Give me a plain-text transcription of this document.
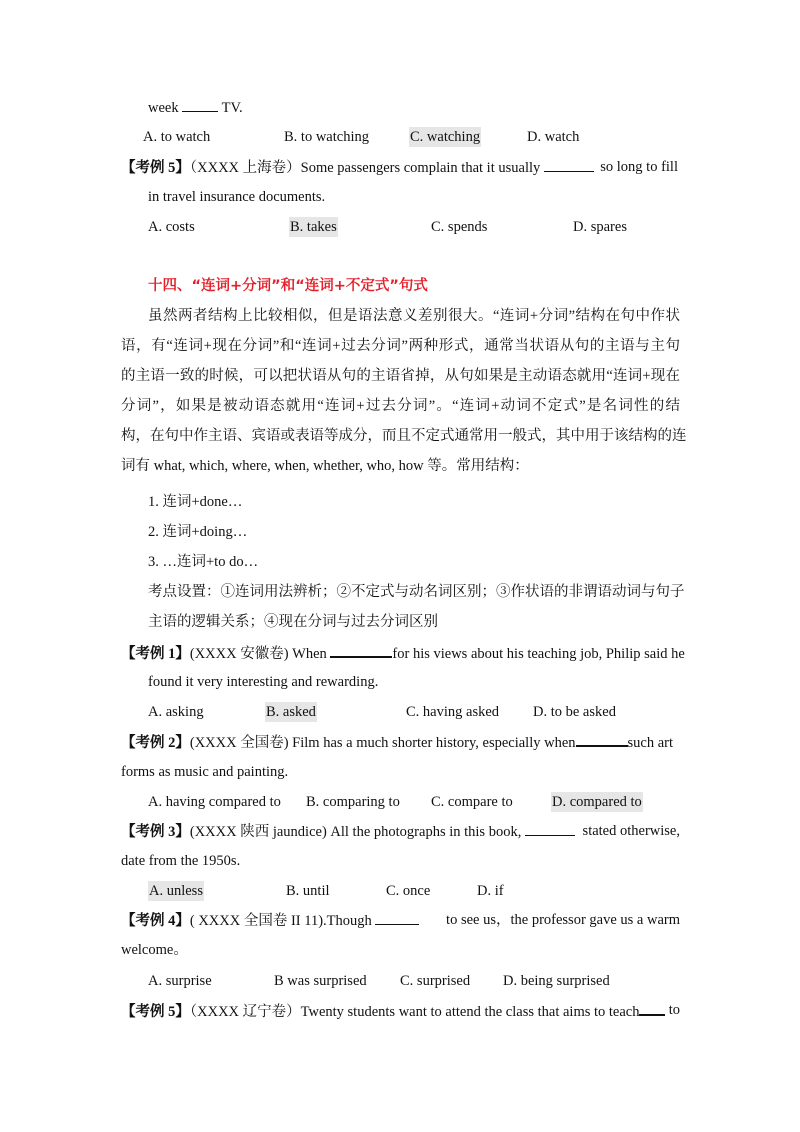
week	TV.
A. to watch	B. to watching	C. watching	D. watch
【考例 5】（XXXX 上海卷）Some passengers complain that it usually	so long to fill
in travel insurance documents.
A. costs	B. takes	C. spends	D. spares
十四、“连词+分词”和“连词+不定式”句式
虽然两者结构上比较相似，但是语法意义差别很大。“连词+分词”结构在句中作状
语，有“连词+现在分词”和“连词+过去分词”两种形式，通常当状语从句的主语与主句
的主语一致的时候，可以把状语从句的主语省掉，从句如果是主动语态就用“连词+现在
分词”，如果是被动语态就用“连词+过去分词”。“连词+动词不定式”是名词性的结
构，在句中作主语、宾语或表语等成分，而且不定式通常用一般式，其中用于该结构的连
词有 what, which, where, when, whether, who, how 等。常用结构：
1. 连词+done…
2. 连词+doing…
3. …连词+to do…
考点设置：①连词用法辨析；②不定式与动名词区别；③作状语的非谓语动词与句子
主语的逻辑关系；④现在分词与过去分词区别
【考例 1】(XXXX 安徽卷) When	for his views about his teaching job, Philip said he
found it very interesting and rewarding.
A. asking	B. asked	C. having asked D. to be asked
【考例 2】(XXXX 全国卷) Film has a much shorter history, especially when	such art
forms as music and painting.
A. having compared to B. comparing to C. compare to	D. compared to
【考例 3】(XXXX 陕西 jaundice) All the photographs in this book,	stated otherwise,
date from the 1950s.
A. unless	B. until	C. once	D. if
【考例 4】( XXXX 全国卷 II 11).Though	to see us，the professor gave us a warm
welcome。
A. surprise	B was surprised C. surprised D. being surprised
【考例 5】（XXXX 辽宁卷）Twenty students want to attend the class that aims to teach	to
